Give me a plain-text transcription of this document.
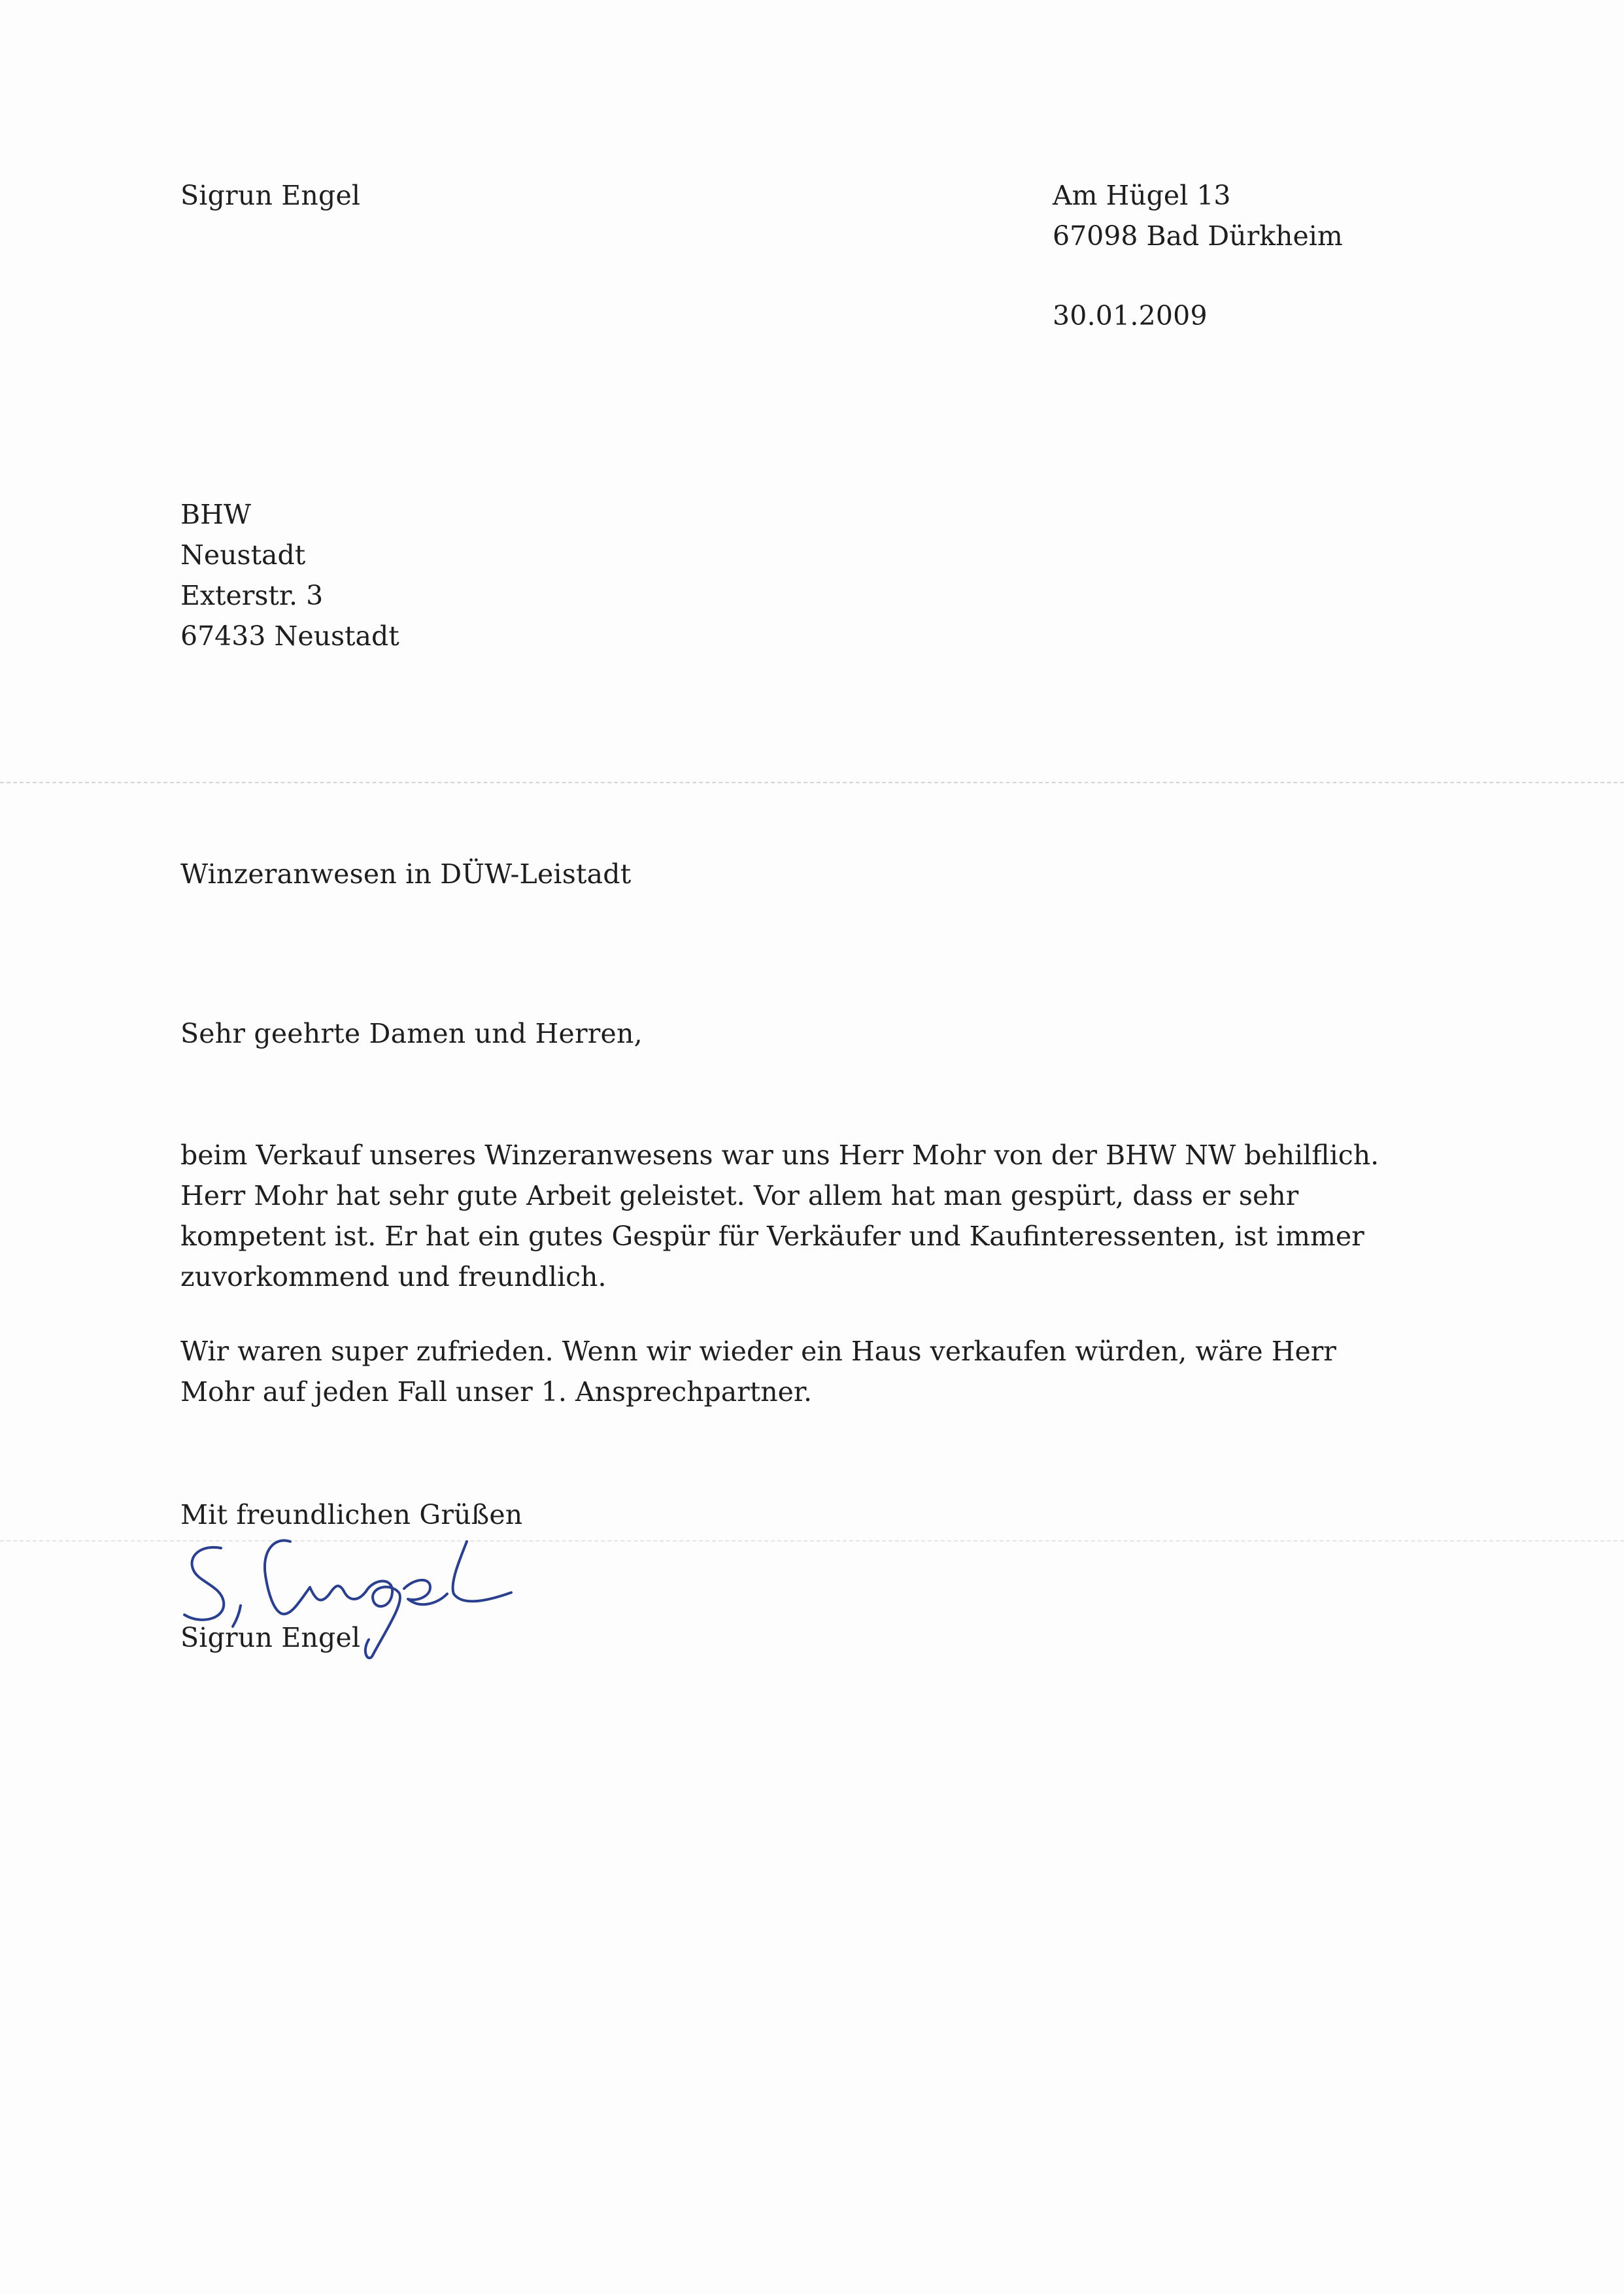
Sigrun Engel	Am Hügel 13
67098 Bad Dürkheim
30.01.2009
BHW
Neustadt
Exterstr. 3
67433 Neustadt
Winzeranwesen in DÜW-Leistadt
Sehr geehrte Damen und Herren,
beim Verkauf unseres Winzeranwesens war uns Herr Mohr von der BHW NW behilflich.
Herr Mohr hat sehr gute Arbeit geleistet. Vor allem hat man gespürt, dass er sehr
kompetent ist. Er hat ein gutes Gespür für Verkäufer und Kaufinteressenten, ist immer
zuvorkommend und freundlich.
Wir waren super zufrieden. Wenn wir wieder ein Haus verkaufen würden, wäre Herr
Mohr auf jeden Fall unser 1. Ansprechpartner.
Mit freundlichen Grüßen
Sigrun Engel
